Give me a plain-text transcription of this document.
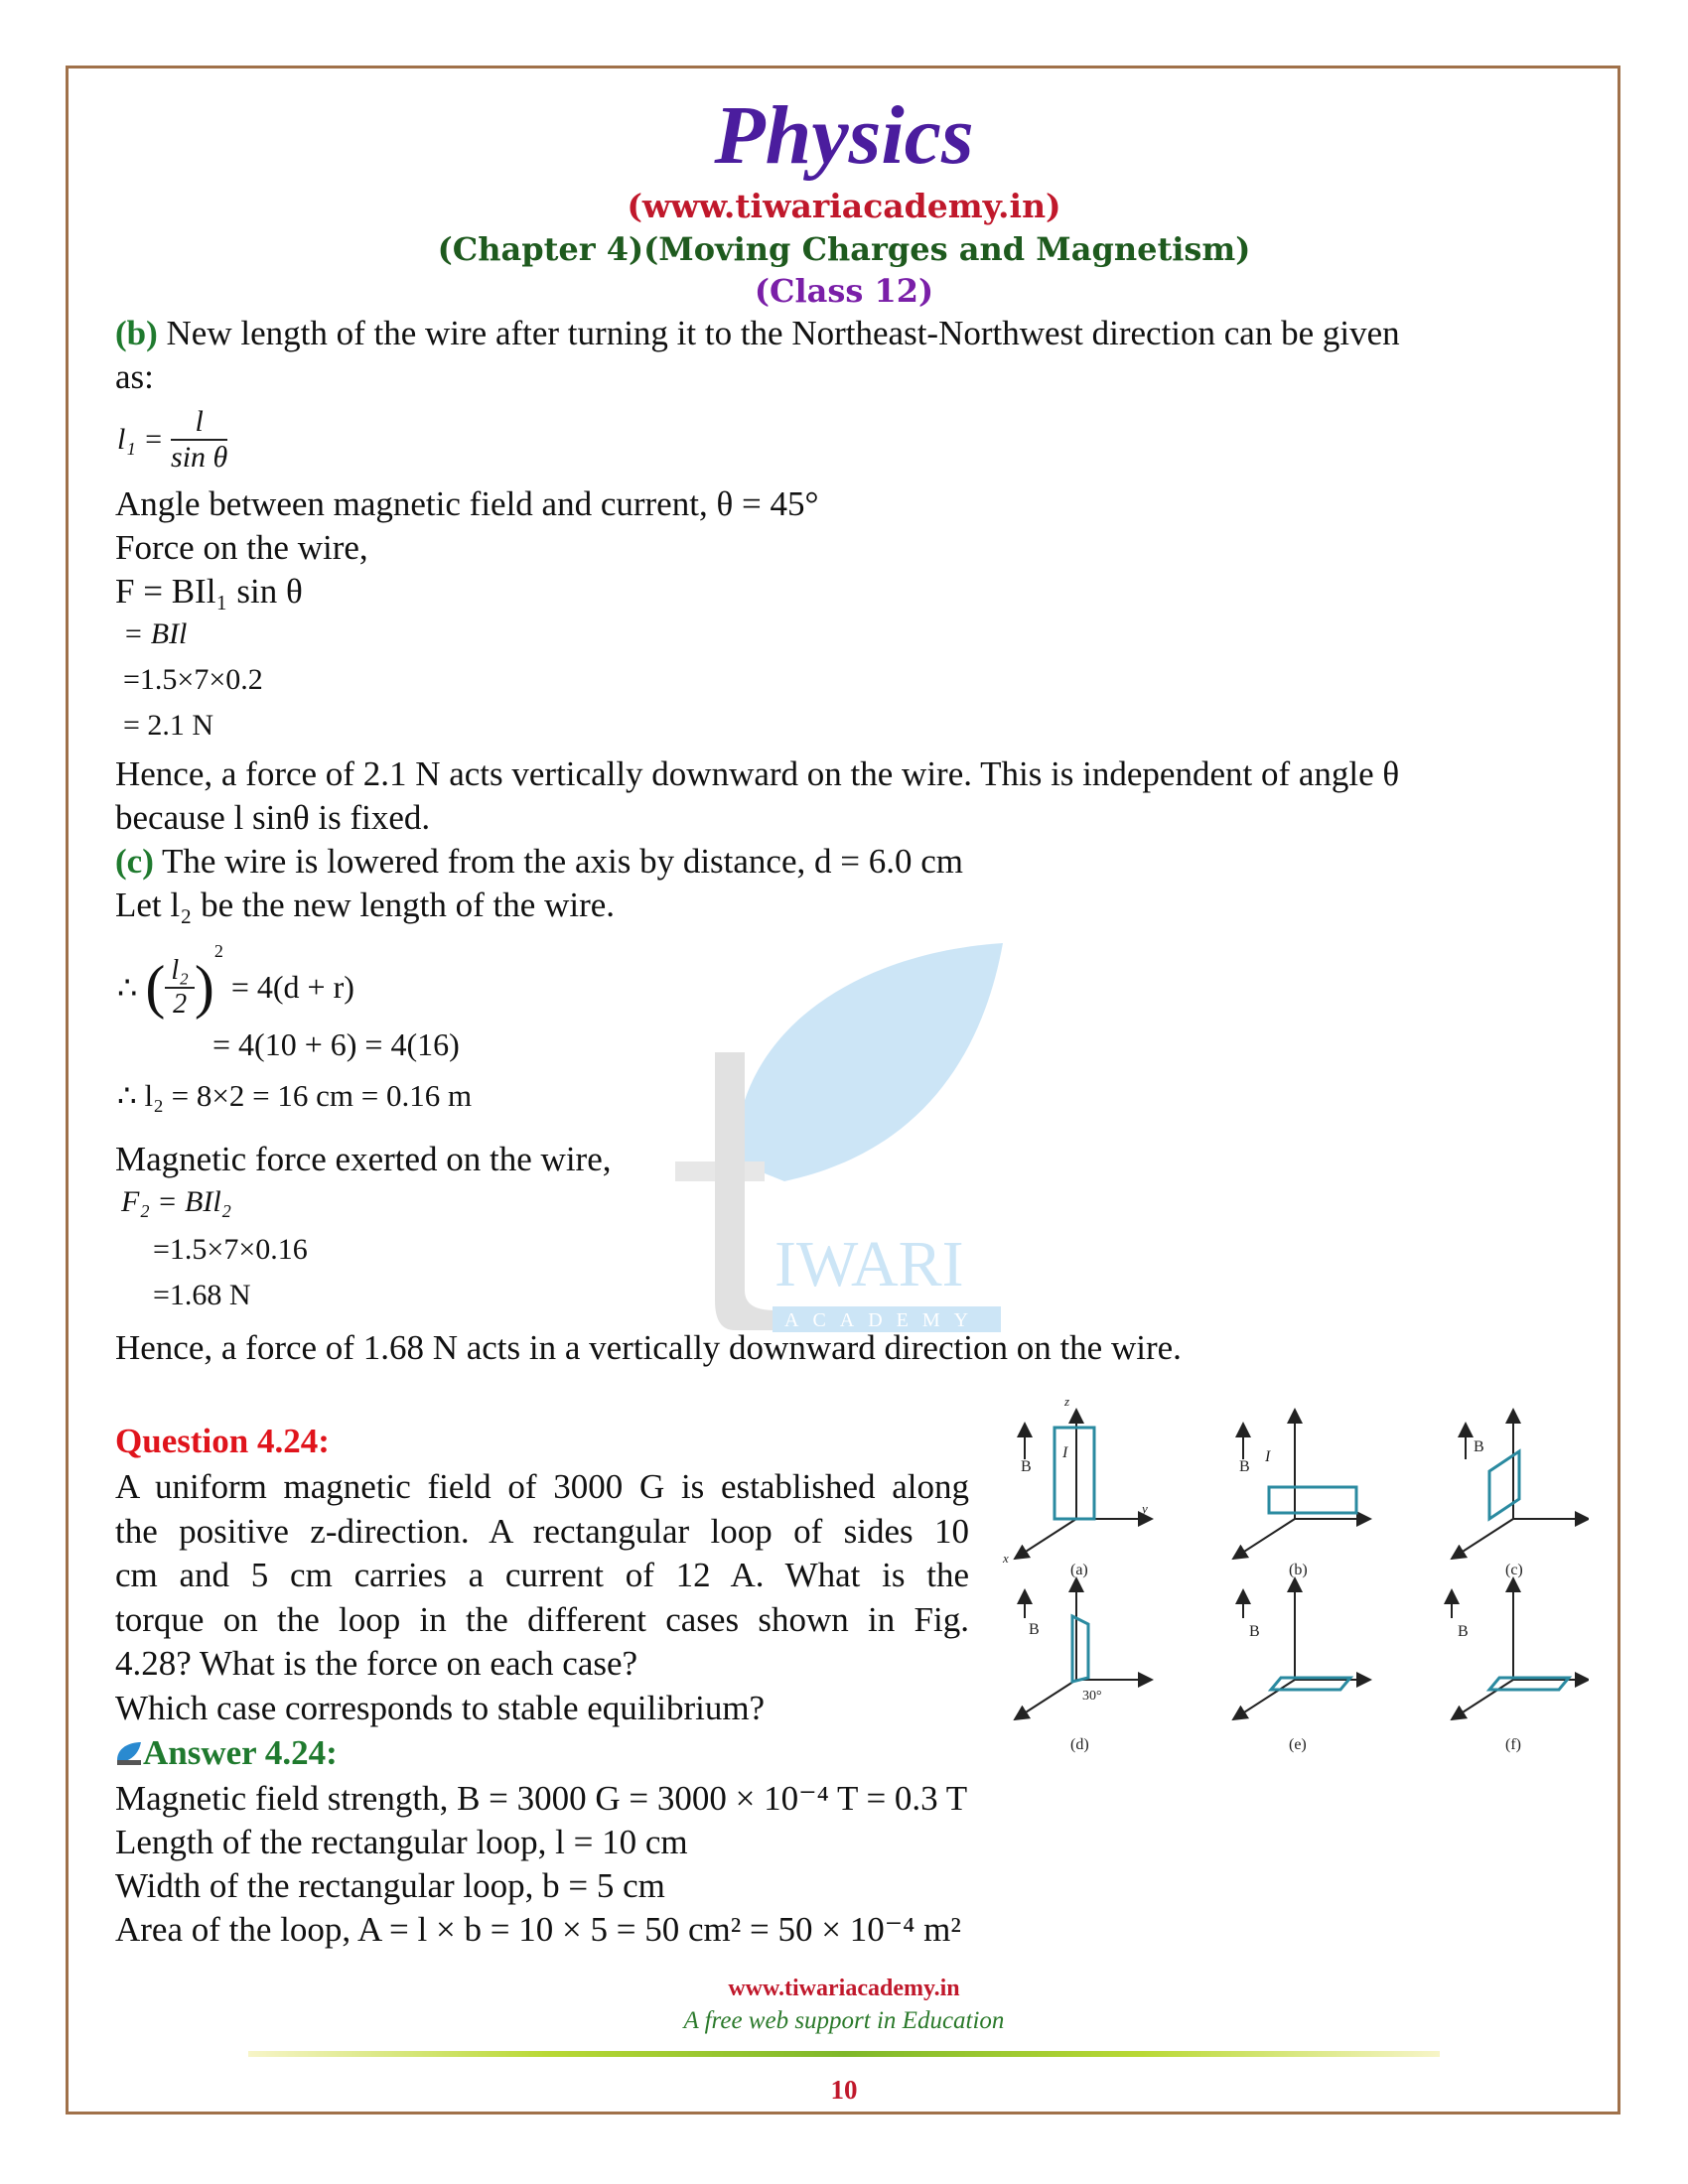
IWARI
ACADEMY
Physics
(www.tiwariacademy.in)
(Chapter 4)(Moving Charges and Magnetism)
(Class 12)
(b) New length of the wire after turning it to the Northeast-Northwest direction can be given
as:
$l_1 = \frac{l}{\text{sin θ}}$
Angle between magnetic field and current, θ = 45°
Force on the wire,
F = BIl₁ sin θ
= BIl
=1.5×7×0.2
= 2.1 N
Hence, a force of 2.1 N acts vertically downward on the wire. This is independent of angle θ
because l sinθ is fixed.
(c) The wire is lowered from the axis by distance, d = 6.0 cm
Let l₂ be the new length of the wire.
∴ ( $\frac{\text{l₂}}{2} )^2 = 4(d + r)$
= 4(10 + 6) = 4(16)
∴ l₂ = 8×2 = 16 cm = 0.16 m
Magnetic force exerted on the wire,
F₂ = BIl₂
=1.5×7×0.16
=1.68 N
Hence, a force of 1.68 N acts in a vertically downward direction on the wire.
Question 4.24:
A uniform magnetic field of 3000 G is established along
the positive z-direction. A rectangular loop of sides 10
cm and 5 cm carries a current of 12 A. What is the
torque on the loop in the different cases shown in Fig.
4.28? What is the force on each case?
Which case corresponds to stable equilibrium?
Answer 4.24:
Magnetic field strength, B = 3000 G = 3000 × 10⁻⁴ T = 0.3 T
Length of the rectangular loop, l = 10 cm
Width of the rectangular loop, b = 5 cm
Area of the loop, A = l × b = 10 × 5 = 50 cm² = 50 × 10⁻⁴ m²
B	B
B
B	B	B
I	I
30°
(a)	(b)	(c)
(d)	(e)	(f)
x
y
z
www.tiwariacademy.in
A free web support in Education
10
